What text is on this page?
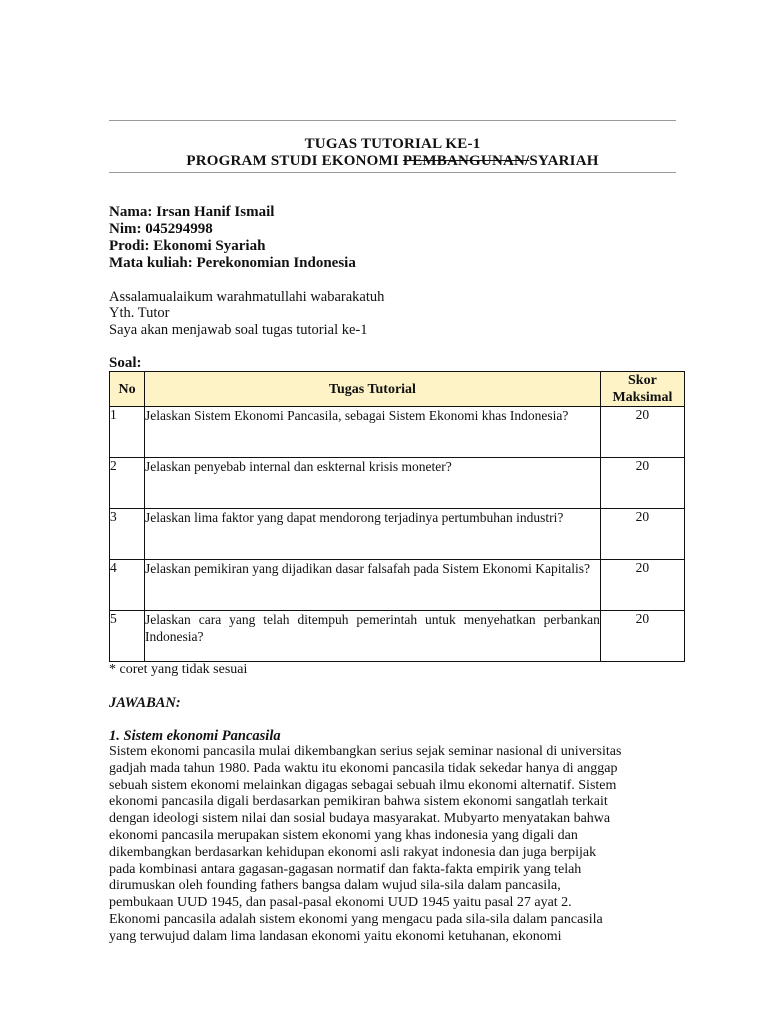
TUGAS TUTORIAL KE-1
PROGRAM STUDI EKONOMI PEMBANGUNAN/SYARIAH
Nama: Irsan Hanif Ismail
Nim: 045294998
Prodi: Ekonomi Syariah
Mata kuliah: Perekonomian Indonesia
Assalamualaikum warahmatullahi wabarakatuh
Yth. Tutor
Saya akan menjawab soal tugas tutorial ke-1
Soal:
No	Tugas Tutorial	Skor
Maksimal

1	Jelaskan Sistem Ekonomi Pancasila, sebagai Sistem Ekonomi khas Indonesia?	20
2	Jelaskan penyebab internal dan eskternal krisis moneter?	20
3	Jelaskan lima faktor yang dapat mendorong terjadinya pertumbuhan industri?	20
4	Jelaskan pemikiran yang dijadikan dasar falsafah pada Sistem Ekonomi Kapitalis?	20
5	Jelaskan cara yang telah ditempuh pemerintah untuk menyehatkan perbankan Indonesia?	20
* coret yang tidak sesuai
JAWABAN:
1. Sistem ekonomi Pancasila
Sistem ekonomi pancasila mulai dikembangkan serius sejak seminar nasional di universitas
gadjah mada tahun 1980. Pada waktu itu ekonomi pancasila tidak sekedar hanya di anggap
sebuah sistem ekonomi melainkan digagas sebagai sebuah ilmu ekonomi alternatif. Sistem
ekonomi pancasila digali berdasarkan pemikiran bahwa sistem ekonomi sangatlah terkait
dengan ideologi sistem nilai dan sosial budaya masyarakat. Mubyarto menyatakan bahwa
ekonomi pancasila merupakan sistem ekonomi yang khas indonesia yang digali dan
dikembangkan berdasarkan kehidupan ekonomi asli rakyat indonesia dan juga berpijak
pada kombinasi antara gagasan-gagasan normatif dan fakta-fakta empirik yang telah
dirumuskan oleh founding fathers bangsa dalam wujud sila-sila dalam pancasila,
pembukaan UUD 1945, dan pasal-pasal ekonomi UUD 1945 yaitu pasal 27 ayat 2.
Ekonomi pancasila adalah sistem ekonomi yang mengacu pada sila-sila dalam pancasila
yang terwujud dalam lima landasan ekonomi yaitu ekonomi ketuhanan, ekonomi
